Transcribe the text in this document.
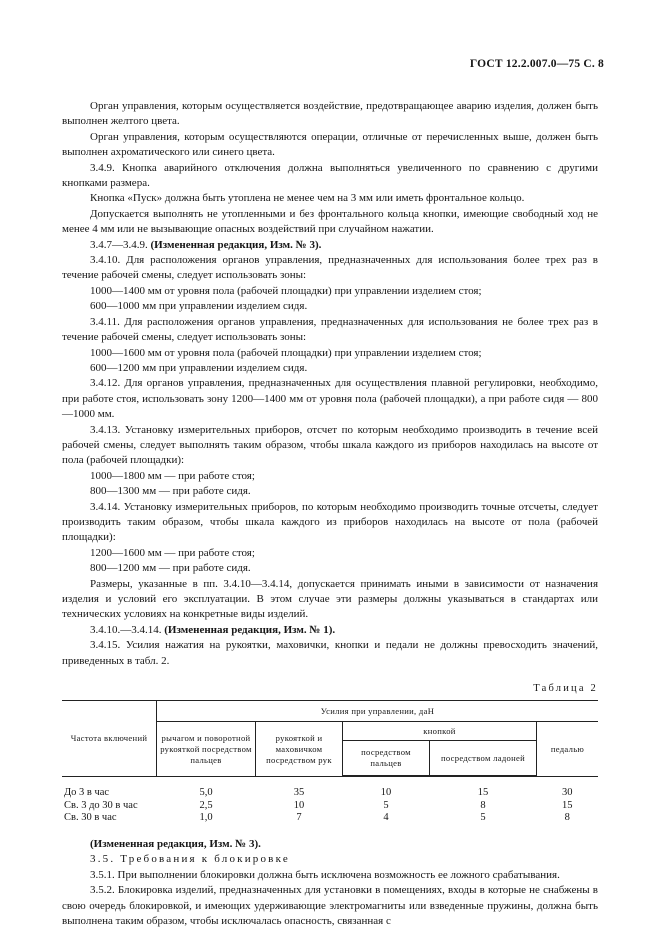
ГОСТ 12.2.007.0—75 С. 8

Орган управления, которым осуществляется воздействие, предотвращающее аварию изделия, должен быть выполнен желтого цвета.

Орган управления, которым осуществляются операции, отличные от перечисленных выше, должен быть выполнен ахроматического или синего цвета.

3.4.9. Кнопка аварийного отключения должна выполняться увеличенного по сравнению с другими кнопками размера.

Кнопка «Пуск» должна быть утоплена не менее чем на 3 мм или иметь фронтальное кольцо.

Допускается выполнять не утопленными и без фронтального кольца кнопки, имеющие свободный ход не менее 4 мм или не вызывающие опасных воздействий при случайном нажатии.

3.4.7—3.4.9. (Измененная редакция, Изм. № 3).

3.4.10. Для расположения органов управления, предназначенных для использования более трех раз в течение рабочей смены, следует использовать зоны:

1000—1400 мм от уровня пола (рабочей площадки) при управлении изделием стоя;

600—1000 мм при управлении изделием сидя.

3.4.11. Для расположения органов управления, предназначенных для использования не более трех раз в течение рабочей смены, следует использовать зоны:

1000—1600 мм от уровня пола (рабочей площадки) при управлении изделием стоя;

600—1200 мм при управлении изделием сидя.

3.4.12. Для органов управления, предназначенных для осуществления плавной регулировки, необходимо, при работе стоя, использовать зону 1200—1400 мм от уровня пола (рабочей площадки), а при работе сидя — 800—1000 мм.

3.4.13. Установку измерительных приборов, отсчет по которым необходимо производить в течение всей рабочей смены, следует выполнять таким образом, чтобы шкала каждого из приборов находилась на высоте от пола (рабочей площадки):

1000—1800 мм — при работе стоя;

800—1300 мм — при работе сидя.

3.4.14. Установку измерительных приборов, по которым необходимо производить точные отсчеты, следует производить таким образом, чтобы шкала каждого из приборов находилась на высоте от пола (рабочей площадки):

1200—1600 мм — при работе стоя;

800—1200 мм — при работе сидя.

Размеры, указанные в пп. 3.4.10—3.4.14, допускается принимать иными в зависимости от назначения изделия и условий его эксплуатации. В этом случае эти размеры должны указываться в стандартах или технических условиях на конкретные виды изделий.

3.4.10.—3.4.14. (Измененная редакция, Изм. № 1).

3.4.15. Усилия нажатия на рукоятки, маховички, кнопки и педали не должны превосходить значений, приведенных в табл. 2.

Таблица 2
Частота включений	Усилия при управлении, даН				
	рычагом и поворотной рукояткой посредством пальцев	рукояткой и маховичком посредством рук	кнопкой		педалью
			посредством пальцев	посредством ладоней	

До 3 в час	5,0	35	10	15	30
Св. 3 до 30 в час	2,5	10	5	8	15
Св. 30 в час	1,0	7	4	5	8

(Измененная редакция, Изм. № 3).

3.5. Требования к блокировке

3.5.1. При выполнении блокировки должна быть исключена возможность ее ложного срабатывания.

3.5.2. Блокировка изделий, предназначенных для установки в помещениях, входы в которые не снабжены в свою очередь блокировкой, и имеющих удерживающие электромагниты или взведенные пружины, должна быть выполнена таким образом, чтобы исключалась опасность, связанная с
